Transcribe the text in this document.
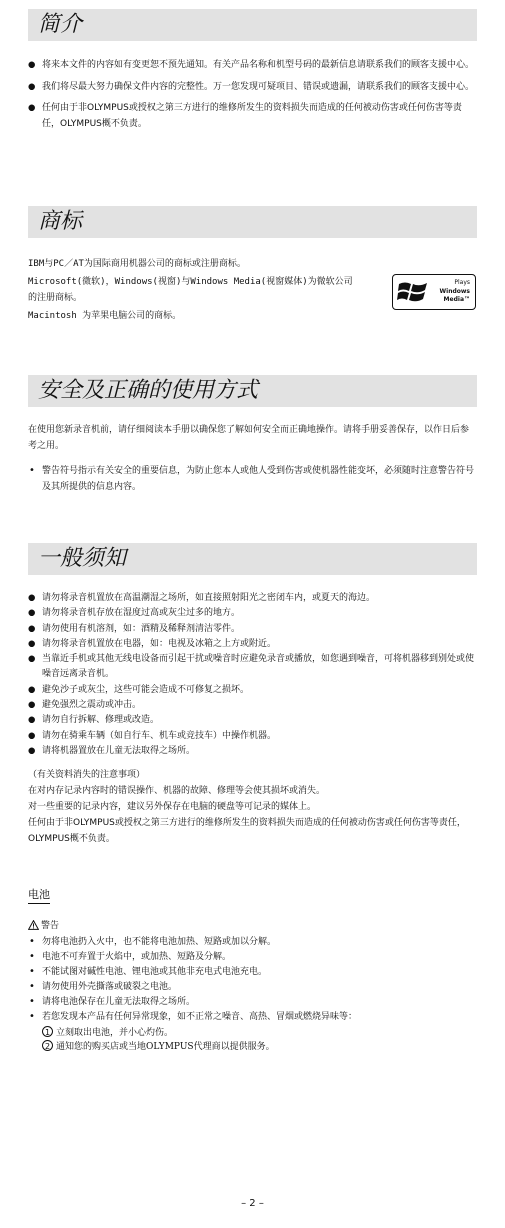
简介
● 将来本文件的内容如有变更恕不预先通知。有关产品名称和机型号码的最新信息请联系我们的顾客支援中心。
● 我们将尽最大努力确保文件内容的完整性。万一您发现可疑项目、错误或遗漏，请联系我们的顾客支援中心。
● 任何由于非OLYMPUS或授权之第三方进行的维修所发生的资料损失而造成的任何被动伤害或任何伤害等责任，OLYMPUS概不负责。
商标

IBM与PC／AT为国际商用机器公司的商标或注册商标。

Microsoft(微软)，Windows(视窗)与Windows Media(视窗媒体)为微软公司的注册商标。

Macintosh 为苹果电脑公司的商标。

Plays
Windows
Media™
安全及正确的使用方式

在使用您新录音机前，请仔细阅读本手册以确保您了解如何安全而正确地操作。请将手册妥善保存，以作日后参考之用。

• 警告符号指示有关安全的重要信息，为防止您本人或他人受到伤害或使机器性能变坏，必须随时注意警告符号及其所提供的信息内容。
一般须知
● 请勿将录音机置放在高温潮湿之场所，如直接照射阳光之密闭车内，或夏天的海边。
● 请勿将录音机存放在湿度过高或灰尘过多的地方。
● 请勿使用有机溶剂，如：酒精及稀释剂清洁零件。
● 请勿将录音机置放在电器，如：电视及冰箱之上方或附近。
● 当靠近手机或其他无线电设备而引起干扰或噪音时应避免录音或播放，如您遇到噪音，可将机器移到别处或使噪音远离录音机。
● 避免沙子或灰尘，这些可能会造成不可修复之损坏。
● 避免强烈之震动或冲击。
● 请勿自行拆解、修理或改造。
● 请勿在骑乘车辆（如自行车、机车或竞技车）中操作机器。
● 请将机器置放在儿童无法取得之场所。

（有关资料消失的注意事项）

在对内存记录内容时的错误操作、机器的故障、修理等会使其损坏或消失。

对一些重要的记录内容，建议另外保存在电脑的硬盘等可记录的媒体上。

任何由于非OLYMPUS或授权之第三方进行的维修所发生的资料损失而造成的任何被动伤害或任何伤害等责任，OLYMPUS概不负责。

电池
警告
• 勿将电池扔入火中，也不能将电池加热、短路或加以分解。
• 电池不可弃置于火焰中，或加热、短路及分解。
• 不能试图对碱性电池、锂电池或其他非充电式电池充电。
• 请勿使用外壳撕落或破裂之电池。
• 请将电池保存在儿童无法取得之场所。
• 若您发现本产品有任何异常现象，如不正常之噪音、高热、冒烟或燃烧异味等：
1 立刻取出电池，并小心灼伤。
2 通知您的购买店或当地OLYMPUS代理商以提供服务。
– 2 –
